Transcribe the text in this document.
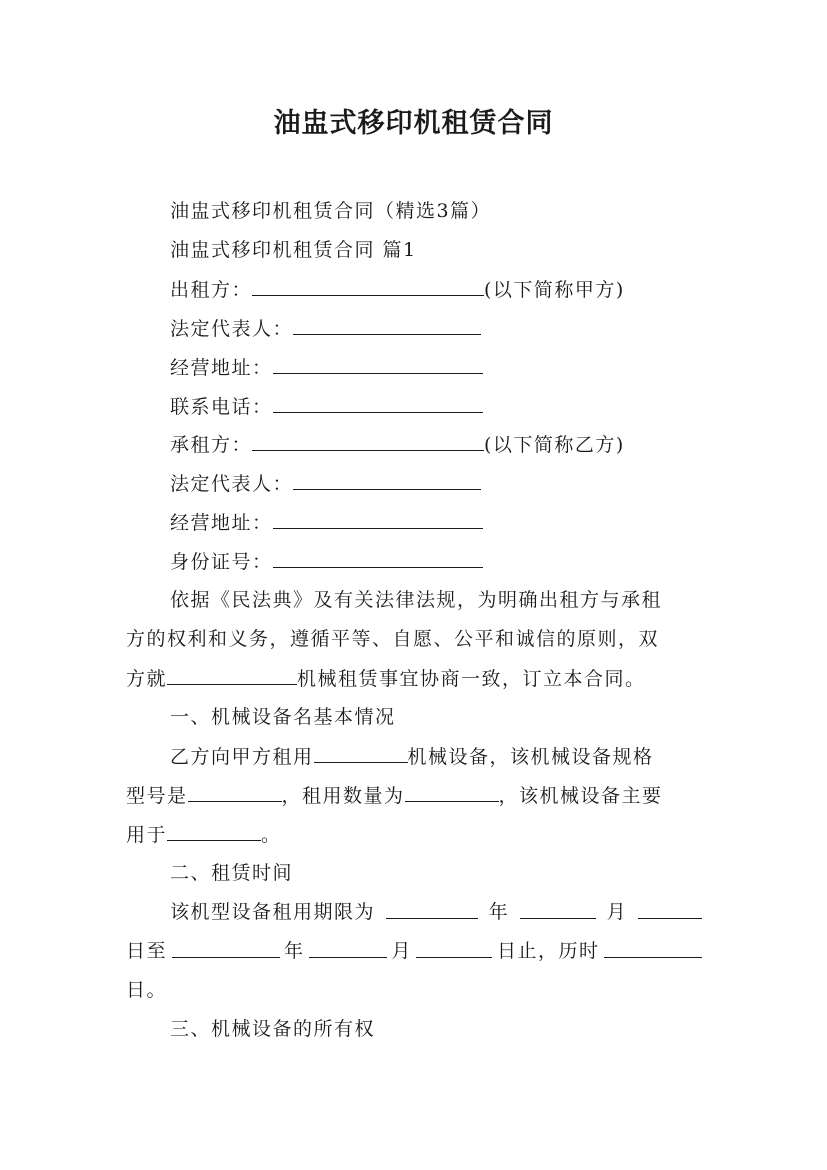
油盅式移印机租赁合同
油盅式移印机租赁合同（精选3篇）
油盅式移印机租赁合同 篇1
出租方：	(以下简称甲方)
法定代表人：
经营地址：
联系电话：
承租方：	(以下简称乙方)
法定代表人：
经营地址：
身份证号：
依据《民法典》及有关法律法规，为明确出租方与承租
方的权利和义务，遵循平等、自愿、公平和诚信的原则，双
方就	机械租赁事宜协商一致，订立本合同。
一、机械设备名基本情况
乙方向甲方租用	机械设备，该机械设备规格
型号是	，租用数量为	，该机械设备主要
用于	。
二、租赁时间
该机型设备租用期限为	年	月
日至	年	月	日止，历时
日。
三、机械设备的所有权
